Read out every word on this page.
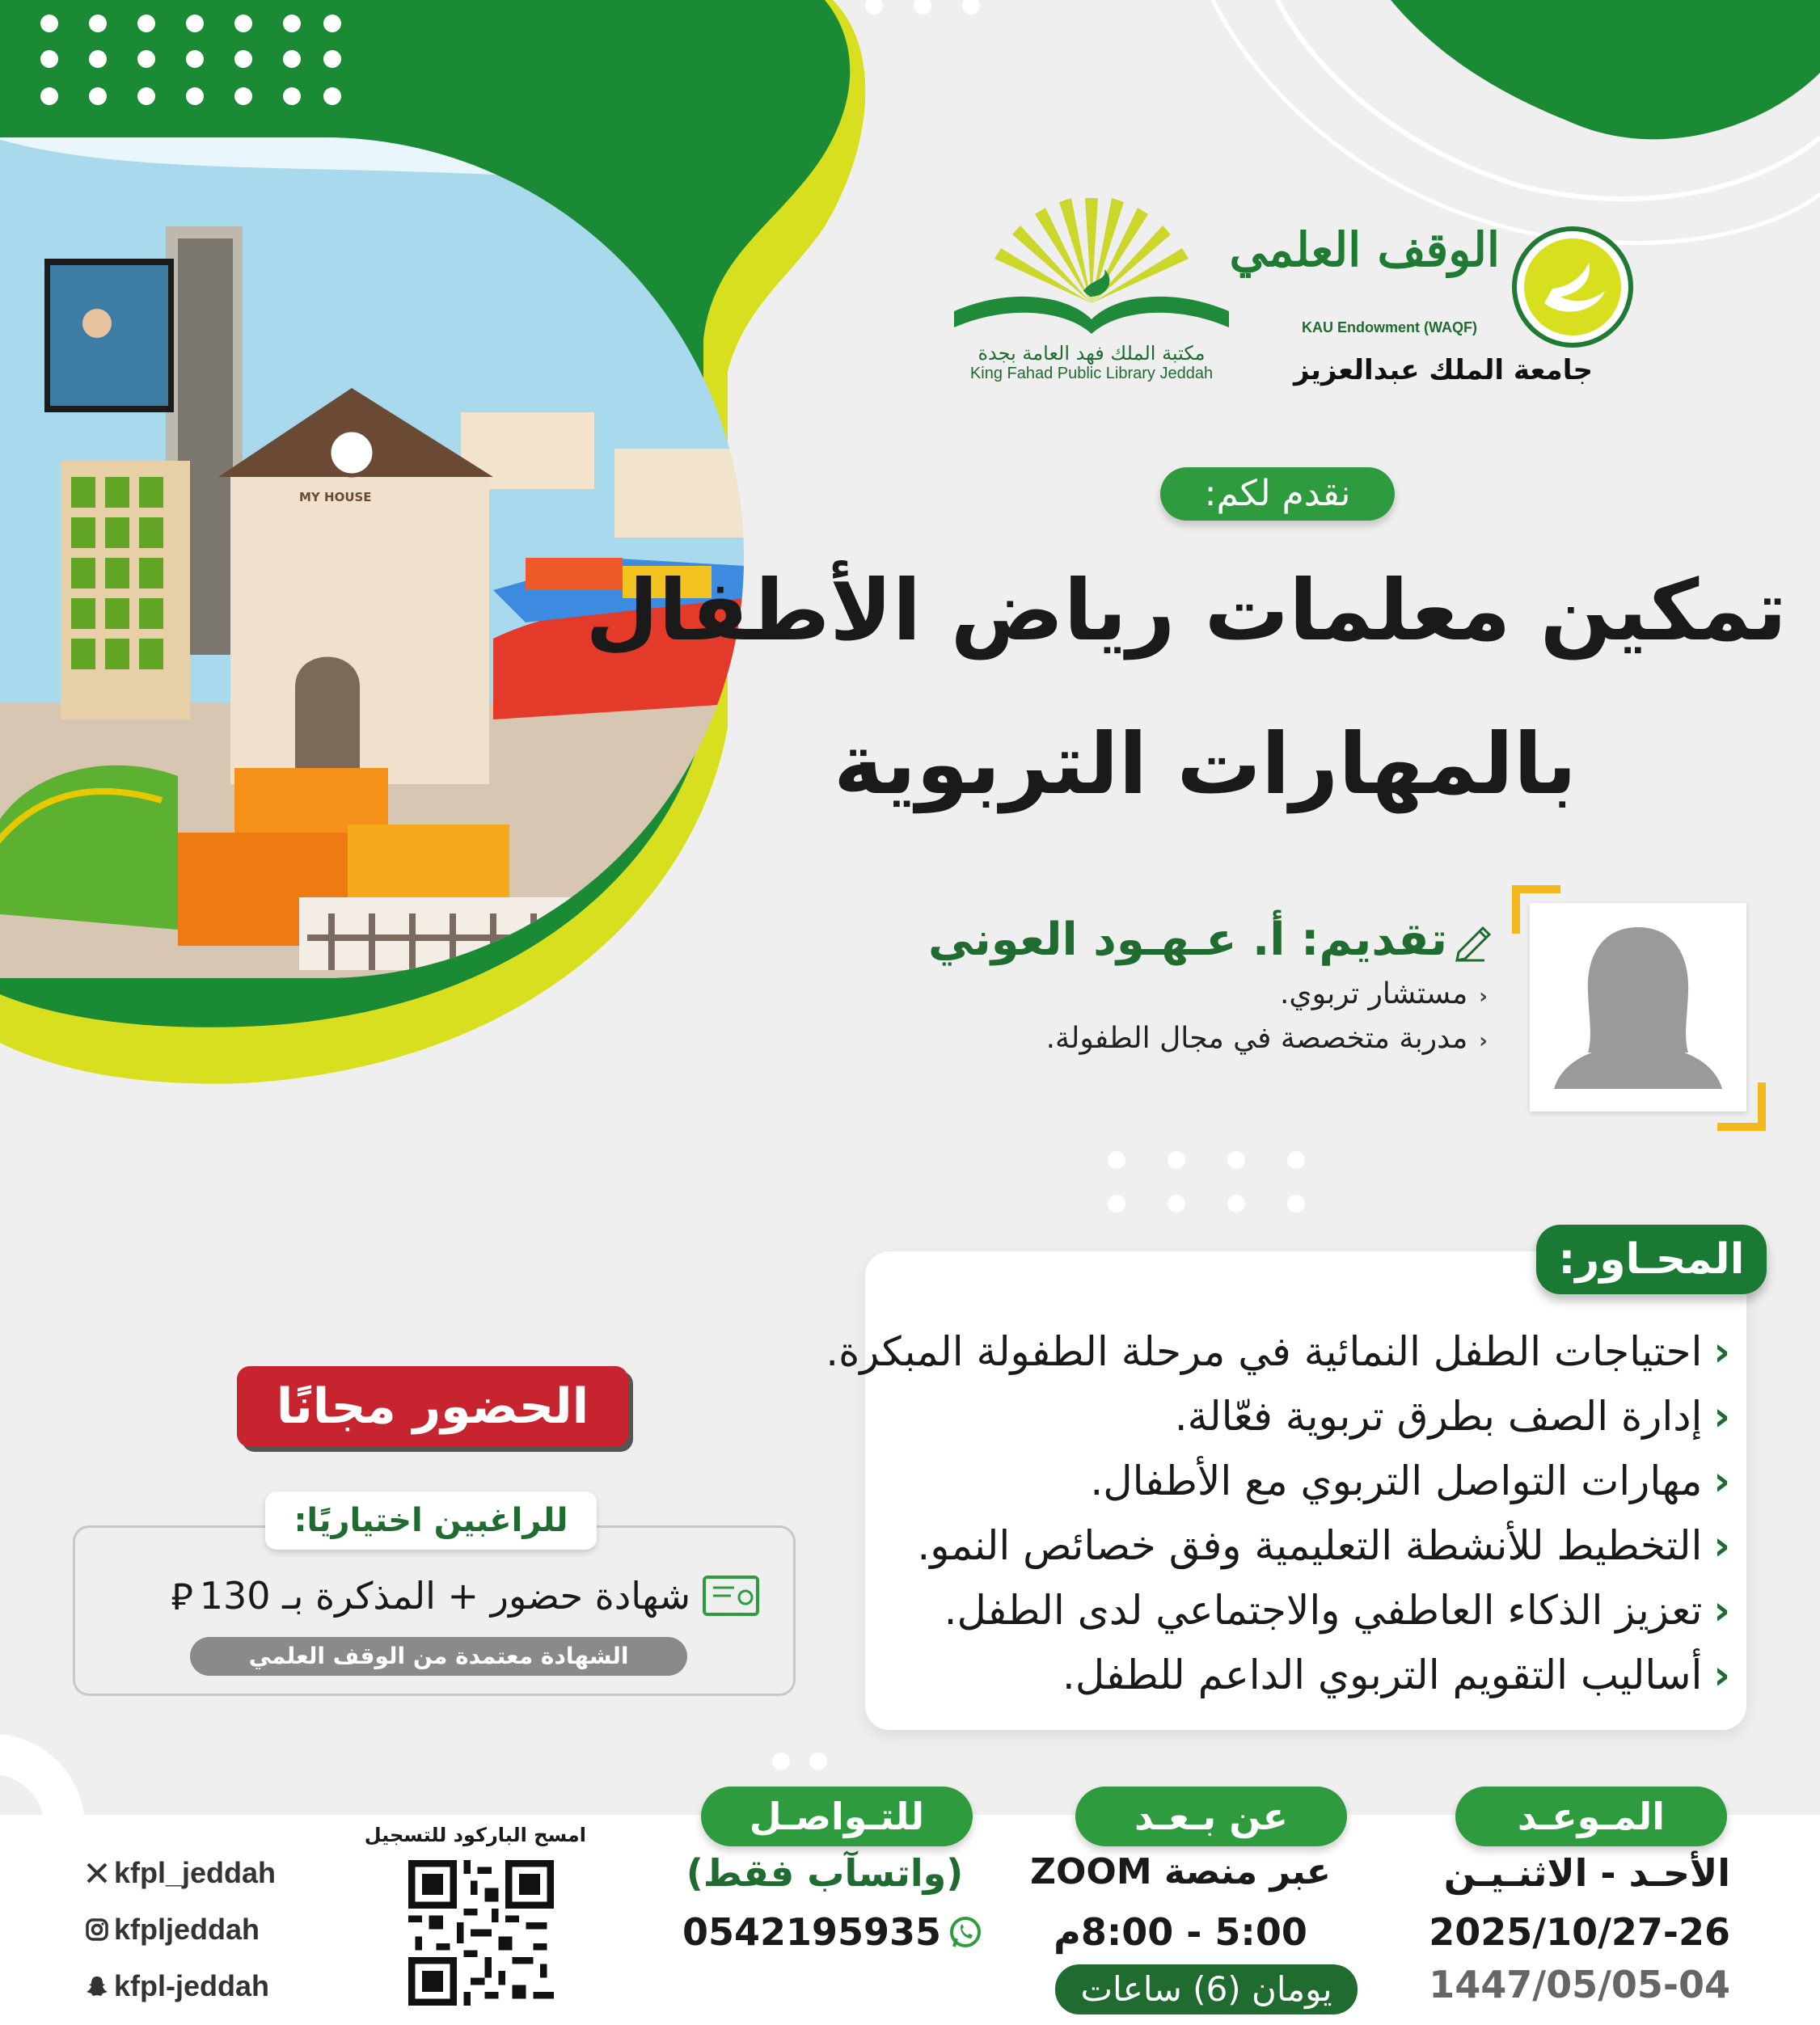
MY HOUSE
مكتبة الملك فهد العامة بجدة
King Fahad Public Library Jeddah
الوقف العلمي
KAU Endowment (WAQF)
جامعة الملك عبدالعزيز
نقدم لكم:
تمكين معلمات رياض الأطفال
بالمهارات التربوية
تقديم: أ. عـهـود العوني
‹مستشار تربوي.
‹مدربة متخصصة في مجال الطفولة.
المحـاور:
‹احتياجات الطفل النمائية في مرحلة الطفولة المبكرة.
‹إدارة الصف بطرق تربوية فعّالة.
‹مهارات التواصل التربوي مع الأطفال.
‹التخطيط للأنشطة التعليمية وفق خصائص النمو.
‹تعزيز الذكاء العاطفي والاجتماعي لدى الطفل.
‹أساليب التقويم التربوي الداعم للطفل.
الحضور مجانًا
للراغبين اختياريًا:
شهادة حضور + المذكرة بـ 130
⃁
الشهادة معتمدة من الوقف العلمي
المـوعـد
الأحـد - الاثنـيـن
2025/10/27-26
1447/05/05-04
عن بـعـد
عبر منصة ZOOM
5:00 - 8:00م
يومان (6) ساعات
للتـواصـل
(واتسآب فقط)
0542195935
امسح الباركود للتسجيل
kfpl_jeddah
kfpljeddah
kfpl-jeddah
